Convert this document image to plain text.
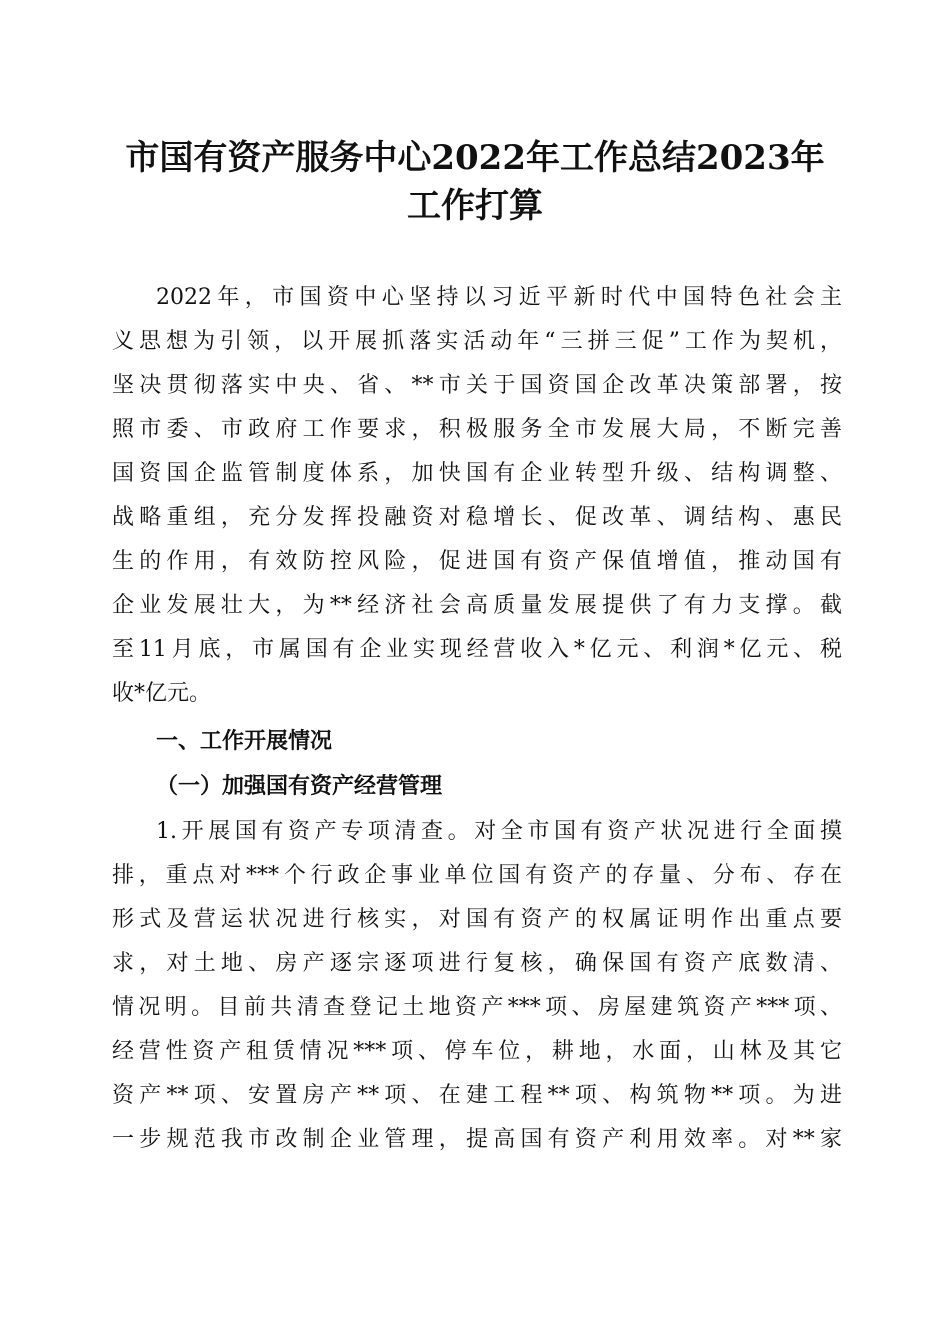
市国有资产服务中心2022年工作总结2023年
工作打算

2022年，市国资中心坚持以习近平新时代中国特色社会主

义思想为引领，以开展抓落实活动年“三拼三促”工作为契机，

坚决贯彻落实中央、省、**市关于国资国企改革决策部署，按

照市委、市政府工作要求，积极服务全市发展大局，不断完善

国资国企监管制度体系，加快国有企业转型升级、结构调整、

战略重组，充分发挥投融资对稳增长、促改革、调结构、惠民

生的作用，有效防控风险，促进国有资产保值增值，推动国有

企业发展壮大，为**经济社会高质量发展提供了有力支撑。截

至11月底，市属国有企业实现经营收入*亿元、利润*亿元、税

收*亿元。

一、工作开展情况
（一）加强国有资产经营管理

1.开展国有资产专项清查。对全市国有资产状况进行全面摸

排，重点对***个行政企事业单位国有资产的存量、分布、存在

形式及营运状况进行核实，对国有资产的权属证明作出重点要

求，对土地、房产逐宗逐项进行复核，确保国有资产底数清、

情况明。目前共清查登记土地资产***项、房屋建筑资产***项、

经营性资产租赁情况***项、停车位，耕地，水面，山林及其它

资产**项、安置房产**项、在建工程**项、构筑物**项。为进

一步规范我市改制企业管理，提高国有资产利用效率。对**家
